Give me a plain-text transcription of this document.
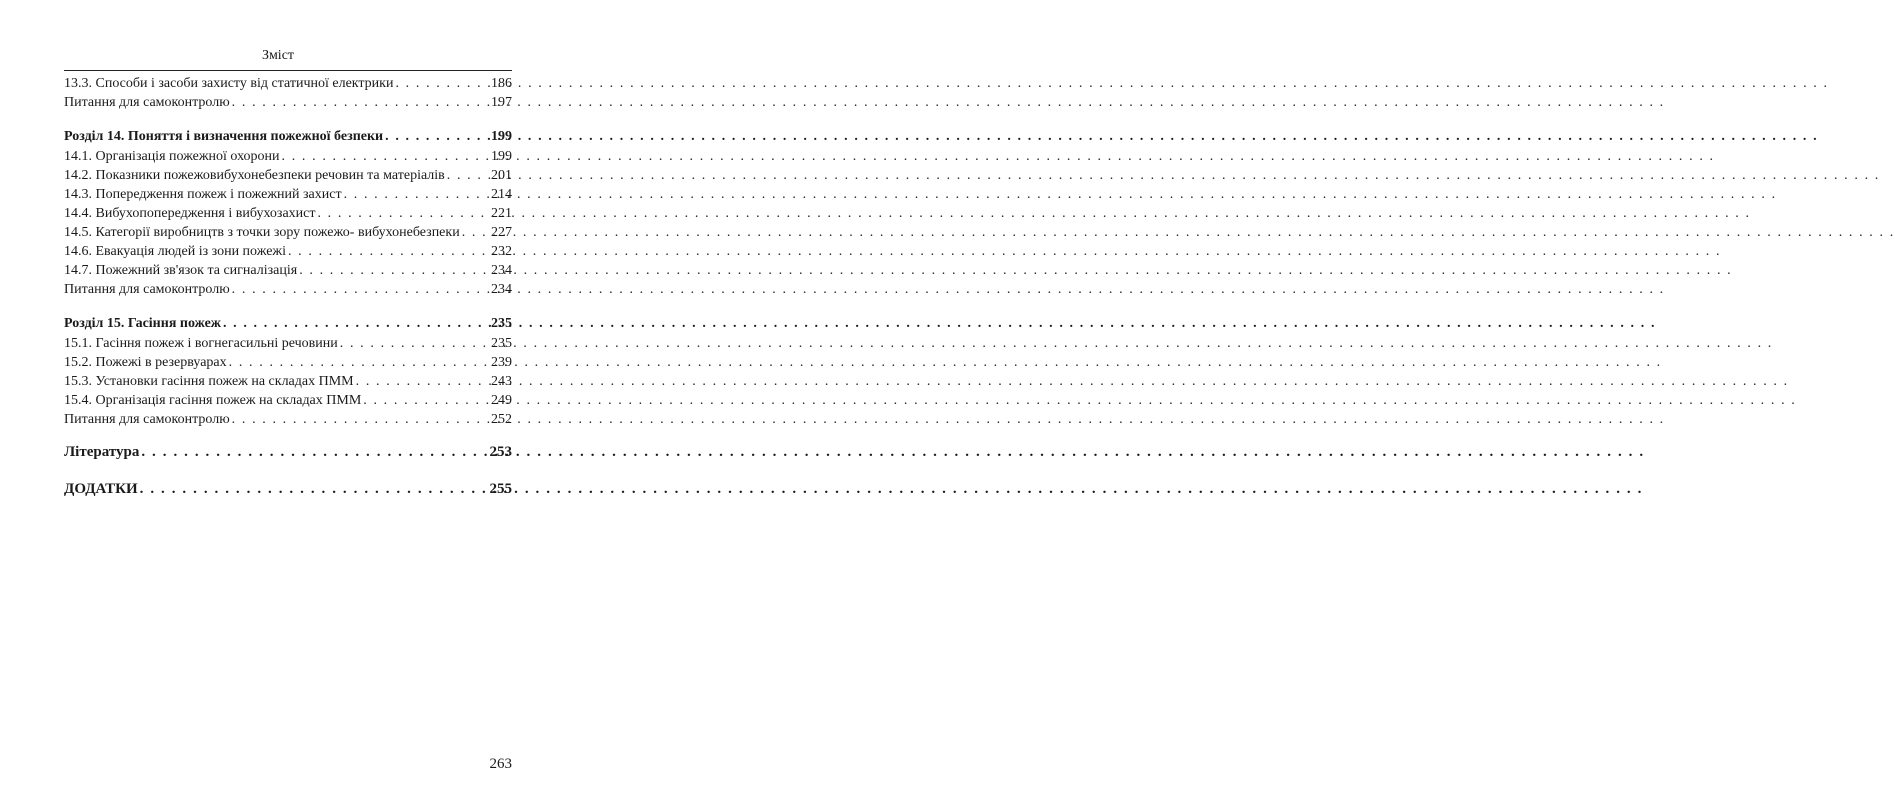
Зміст
13.3. Способи і засоби захисту від статичної електрики . . .	186
Питання для самоконтролю . . .	197
Розділ 14. Поняття і визначення пожежної безпеки . . .	199
14.1. Організація пожежної охорони . . .	199
14.2. Показники пожежовибухонебезпеки речовин та матеріалів . . .	201
14.3. Попередження пожеж і пожежний захист . . .	214
14.4. Вибухопопередження і вибухозахист . . .	221
14.5. Категорії виробництв з точки зору пожежо- вибухонебезпеки . . . 227
14.6. Евакуація людей із зони пожежі . . .	232
14.7. Пожежний зв'язок та сигналізація . . .	234
Питання для самоконтролю . . .	234
Розділ 15. Гасіння пожеж . . .	235
15.1. Гасіння пожеж і вогнегасильні речовини . . .	235
15.2. Пожежі в резервуарах . . .	239
15.3. Установки гасіння пожеж на складах ПММ . . .	243
15.4. Організація гасіння пожеж на складах ПММ . . .	249
Питання для самоконтролю . . .	252
Література . . .	253
ДОДАТКИ . . .	255
263
